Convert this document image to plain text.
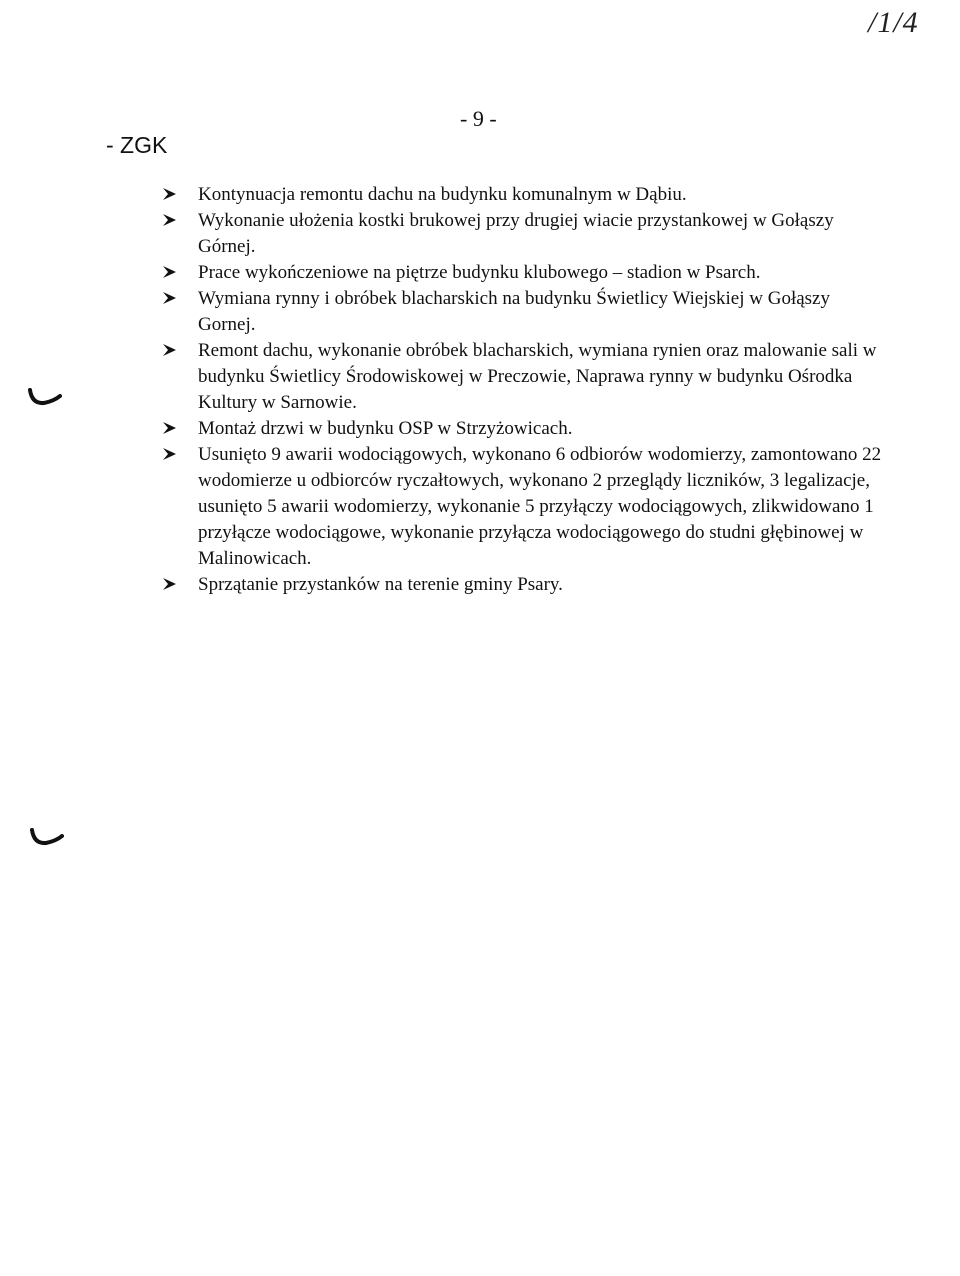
/1/4
- 9 -
- ZGK
Kontynuacja remontu dachu na budynku komunalnym w Dąbiu.
Wykonanie ułożenia kostki brukowej przy drugiej wiacie przystankowej w Gołąszy Górnej.
Prace wykończeniowe na piętrze budynku klubowego – stadion w Psarch.
Wymiana rynny i obróbek blacharskich na budynku Świetlicy Wiejskiej w Gołąszy Gornej.
Remont dachu, wykonanie obróbek blacharskich, wymiana rynien oraz malowanie sali w budynku Świetlicy Środowiskowej w Preczowie, Naprawa rynny w budynku Ośrodka Kultury w Sarnowie.
Montaż drzwi w budynku OSP w Strzyżowicach.
Usunięto 9 awarii wodociągowych, wykonano 6 odbiorów wodomierzy, zamontowano 22 wodomierze u odbiorców ryczałtowych, wykonano 2 przeglądy liczników, 3 legalizacje, usunięto 5 awarii wodomierzy, wykonanie 5 przyłączy wodociągowych, zlikwidowano 1 przyłącze wodociągowe, wykonanie przyłącza wodociągowego do studni głębinowej w Malinowicach.
Sprzątanie przystanków na terenie gminy Psary.
